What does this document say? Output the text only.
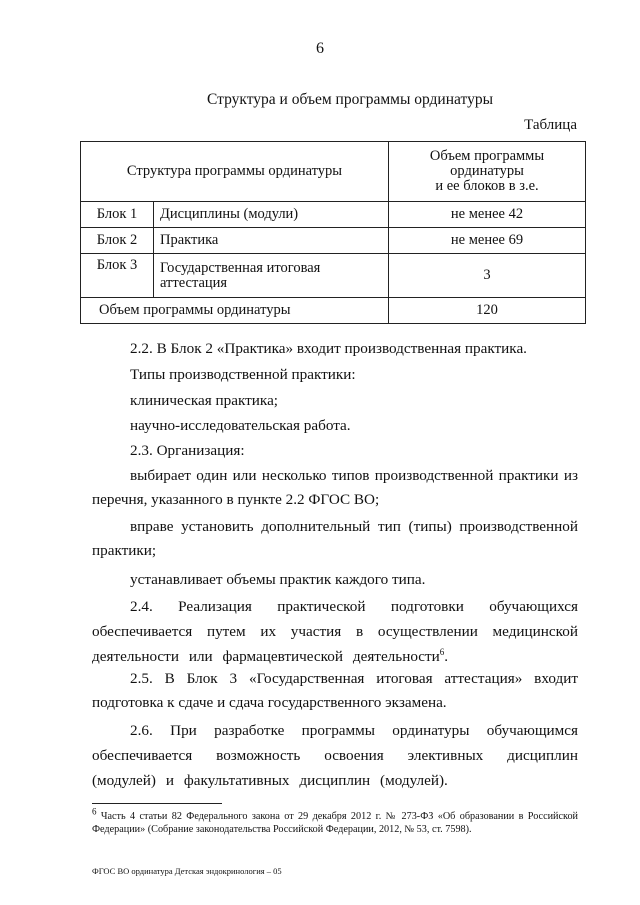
6
Структура и объем программы ординатуры
Таблица
Структура программы ординатуры		Объем программы
ординатуры
и ее блоков в з.е.
Блок 1	Дисциплины (модули)	не менее 42
Блок 2	Практика	не менее 69
Блок 3	Государственная итоговая
аттестация	3
Объем программы ординатуры		120

2.2. В Блок 2 «Практика» входит производственная практика.

Типы производственной практики:

клиническая практика;

научно-исследовательская работа.

2.3. Организация:

выбирает один или несколько типов производственной практики из перечня, указанного в пункте 2.2 ФГОС ВО;

вправе установить дополнительный тип (типы) производственной практики;

устанавливает объемы практик каждого типа.

2.4. Реализация практической подготовки обучающихся обеспечивается путем их участия в осуществлении медицинской деятельности или фармацевтической деятельности$^6$.

2.5. В Блок 3 «Государственная итоговая аттестация» входит подготовка к сдаче и сдача государственного экзамена.

2.6. При разработке программы ординатуры обучающимся обеспечивается возможность освоения элективных дисциплин (модулей) и факультативных дисциплин (модулей).

$^6$ Часть 4 статьи 82 Федерального закона от 29 декабря 2012 г. № 273-ФЗ «Об образовании в Российской Федерации» (Собрание законодательства Российской Федерации, 2012, № 53, ст. 7598).

ФГОС ВО ординатура Детская эндокринология – 05
